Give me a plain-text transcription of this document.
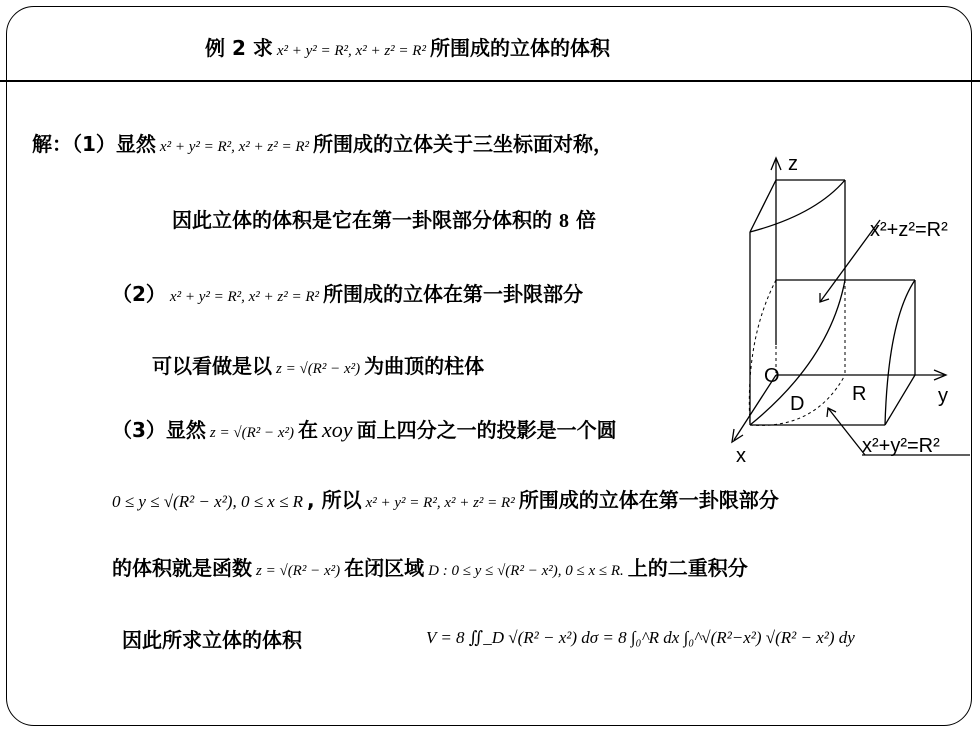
例 2 求 x² + y² = R², x² + z² = R² 所围成的立体的体积
解：（1）显然 x² + y² = R², x² + z² = R² 所围成的立体关于三坐标面对称，
因此立体的体积是它在第一卦限部分体积的 8 倍
（2） x² + y² = R², x² + z² = R² 所围成的立体在第一卦限部分
可以看做是以 z = √(R² − x²) 为曲顶的柱体
（3）显然 z = √(R² − x²) 在 xoy 面上四分之一的投影是一个圆
0 ≤ y ≤ √(R² − x²), 0 ≤ x ≤ R , 所以 x² + y² = R², x² + z² = R² 所围成的立体在第一卦限部分
的体积就是函数 z = √(R² − x²) 在闭区域 D : 0 ≤ y ≤ √(R² − x²), 0 ≤ x ≤ R. 上的二重积分
因此所求立体的体积	V = 8 ∬_D √(R² − x²) dσ = 8 ∫₀^R dx ∫₀^√(R²−x²) √(R² − x²) dy
z
y
x
O
R
D
x²+z²=R²
x²+y²=R²
